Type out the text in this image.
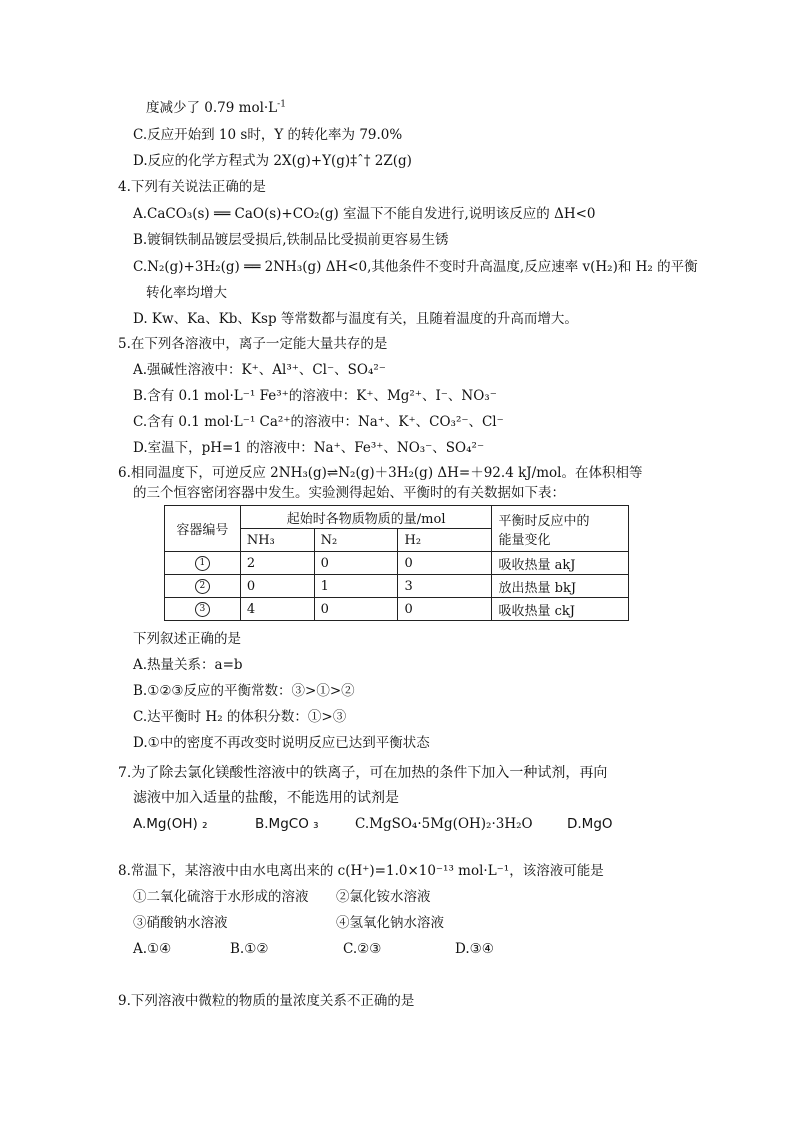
度减少了 0.79 $mol\cdot L^{-1}$
C.反应开始到 10 s时，Y 的转化率为 79.0%
D.反应的化学方程式为 2X(g)+Y(g)‡ˆ† 2Z(g)
4.下列有关说法正确的是
A.CaCO₃(s) ══ CaO(s)+CO₂(g) 室温下不能自发进行,说明该反应的 ΔH<0
B.镀铜铁制品镀层受损后,铁制品比受损前更容易生锈
C.N₂(g)+3H₂(g) ══ 2NH₃(g) ΔH<0,其他条件不变时升高温度,反应速率 v(H₂)和 H₂ 的平衡
转化率均增大
D. Kw、Ka、Kb、Ksp 等常数都与温度有关，且随着温度的升高而增大。
5.在下列各溶液中，离子一定能大量共存的是
A.强碱性溶液中：K⁺、Al³⁺、Cl⁻、SO₄²⁻
B.含有 0.1 mol·L⁻¹ Fe³⁺的溶液中：K⁺、Mg²⁺、I⁻、NO₃⁻
C.含有 0.1 mol·L⁻¹ Ca²⁺的溶液中：Na⁺、K⁺、CO₃²⁻、Cl⁻
D.室温下，pH=1 的溶液中：Na⁺、Fe³⁺、NO₃⁻、SO₄²⁻
6.相同温度下，可逆反应 2NH₃(g)⇌N₂(g)＋3H₂(g) ΔH=＋92.4 kJ/mol。在体积相等
的三个恒容密闭容器中发生。实验测得起始、平衡时的有关数据如下表：
容器编号	起始时各物质物质的量/mol			平衡时反应中的
能量变化

	NH₃	N₂	H₂	
1	2	0	0	吸收热量 akJ
2	0	1	3	放出热量 bkJ
3	4	0	0	吸收热量 ckJ
下列叙述正确的是
A.热量关系：a=b
B.①②③反应的平衡常数：③>①>②
C.达平衡时 H₂ 的体积分数：①>③
D.①中的密度不再改变时说明反应已达到平衡状态
7.为了除去氯化镁酸性溶液中的铁离子，可在加热的条件下加入一种试剂，再向
滤液中加入适量的盐酸，不能选用的试剂是
A.Mg(OH) ₂	B.MgCO ₃	C.MgSO₄·5Mg(OH)₂·3H₂O	D.MgO
8.常温下，某溶液中由水电离出来的 c(H⁺)=1.0×10⁻¹³ mol·L⁻¹，该溶液可能是
①二氧化硫溶于水形成的溶液 ②氯化铵水溶液
③硝酸钠水溶液	④氢氧化钠水溶液
A.①④	B.①②	C.②③	D.③④
9.下列溶液中微粒的物质的量浓度关系不正确的是
